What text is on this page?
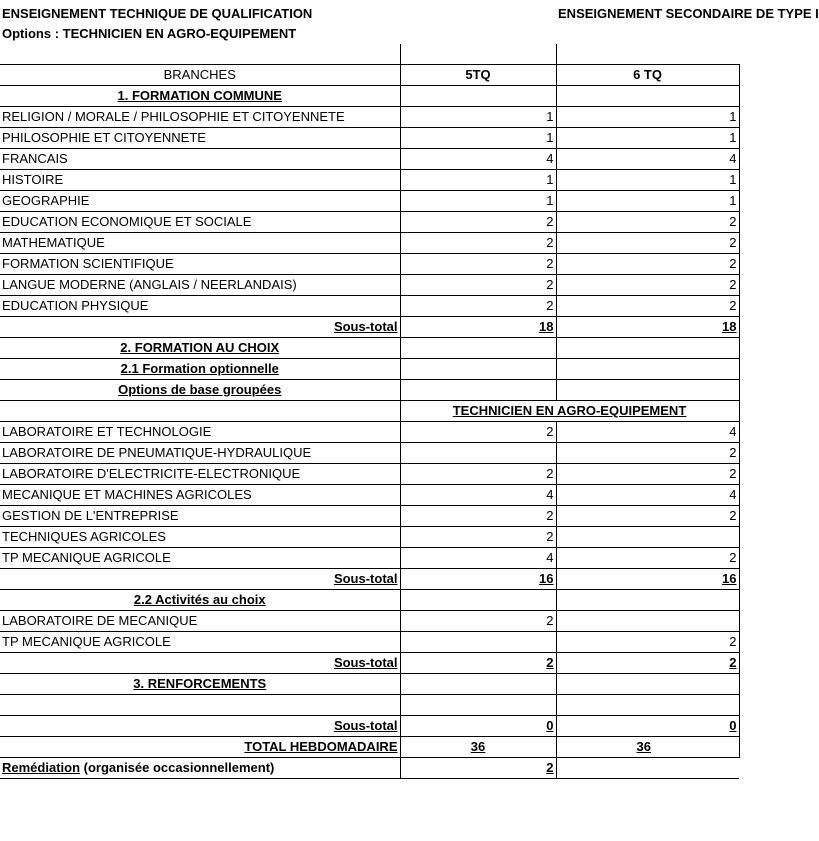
ENSEIGNEMENT TECHNIQUE DE QUALIFICATION		ENSEIGNEMENT SECONDAIRE DE TYPE I
Options : TECHNICIEN EN AGRO-EQUIPEMENT		

BRANCHES	5TQ	6 TQ
1. FORMATION COMMUNE		
RELIGION / MORALE / PHILOSOPHIE ET CITOYENNETE	1	1
PHILOSOPHIE ET CITOYENNETE	1	1
FRANCAIS	4	4
HISTOIRE	1	1
GEOGRAPHIE	1	1
EDUCATION ECONOMIQUE ET SOCIALE	2	2
MATHEMATIQUE	2	2
FORMATION SCIENTIFIQUE	2	2
LANGUE MODERNE (ANGLAIS / NEERLANDAIS)	2	2
EDUCATION PHYSIQUE	2	2
Sous-total	18	18
2. FORMATION AU CHOIX		
2.1 Formation optionnelle		
Options de base groupées		
	TECHNICIEN EN AGRO-EQUIPEMENT	
LABORATOIRE ET TECHNOLOGIE	2	4
LABORATOIRE DE PNEUMATIQUE-HYDRAULIQUE		2
LABORATOIRE D'ELECTRICITE-ELECTRONIQUE	2	2
MECANIQUE ET MACHINES AGRICOLES	4	4
GESTION DE L'ENTREPRISE	2	2
TECHNIQUES AGRICOLES	2	
TP MECANIQUE AGRICOLE	4	2
Sous-total	16	16
2.2 Activités au choix		
LABORATOIRE DE MECANIQUE	2	
TP MECANIQUE AGRICOLE		2
Sous-total	2	2
3. RENFORCEMENTS		

Sous-total	0	0
TOTAL HEBDOMADAIRE	36	36
Remédiation (organisée occasionnellement)	2	
